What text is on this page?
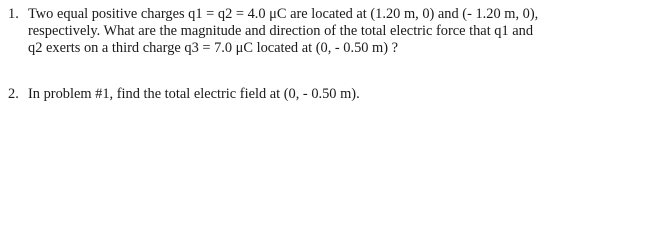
1. Two equal positive charges q1 = q2 = 4.0 μC are located at (1.20 m, 0) and (- 1.20 m, 0),
respectively. What are the magnitude and direction of the total electric force that q1 and
q2 exerts on a third charge q3 = 7.0 μC located at (0, - 0.50 m) ?
2. In problem #1, find the total electric field at (0, - 0.50 m).
